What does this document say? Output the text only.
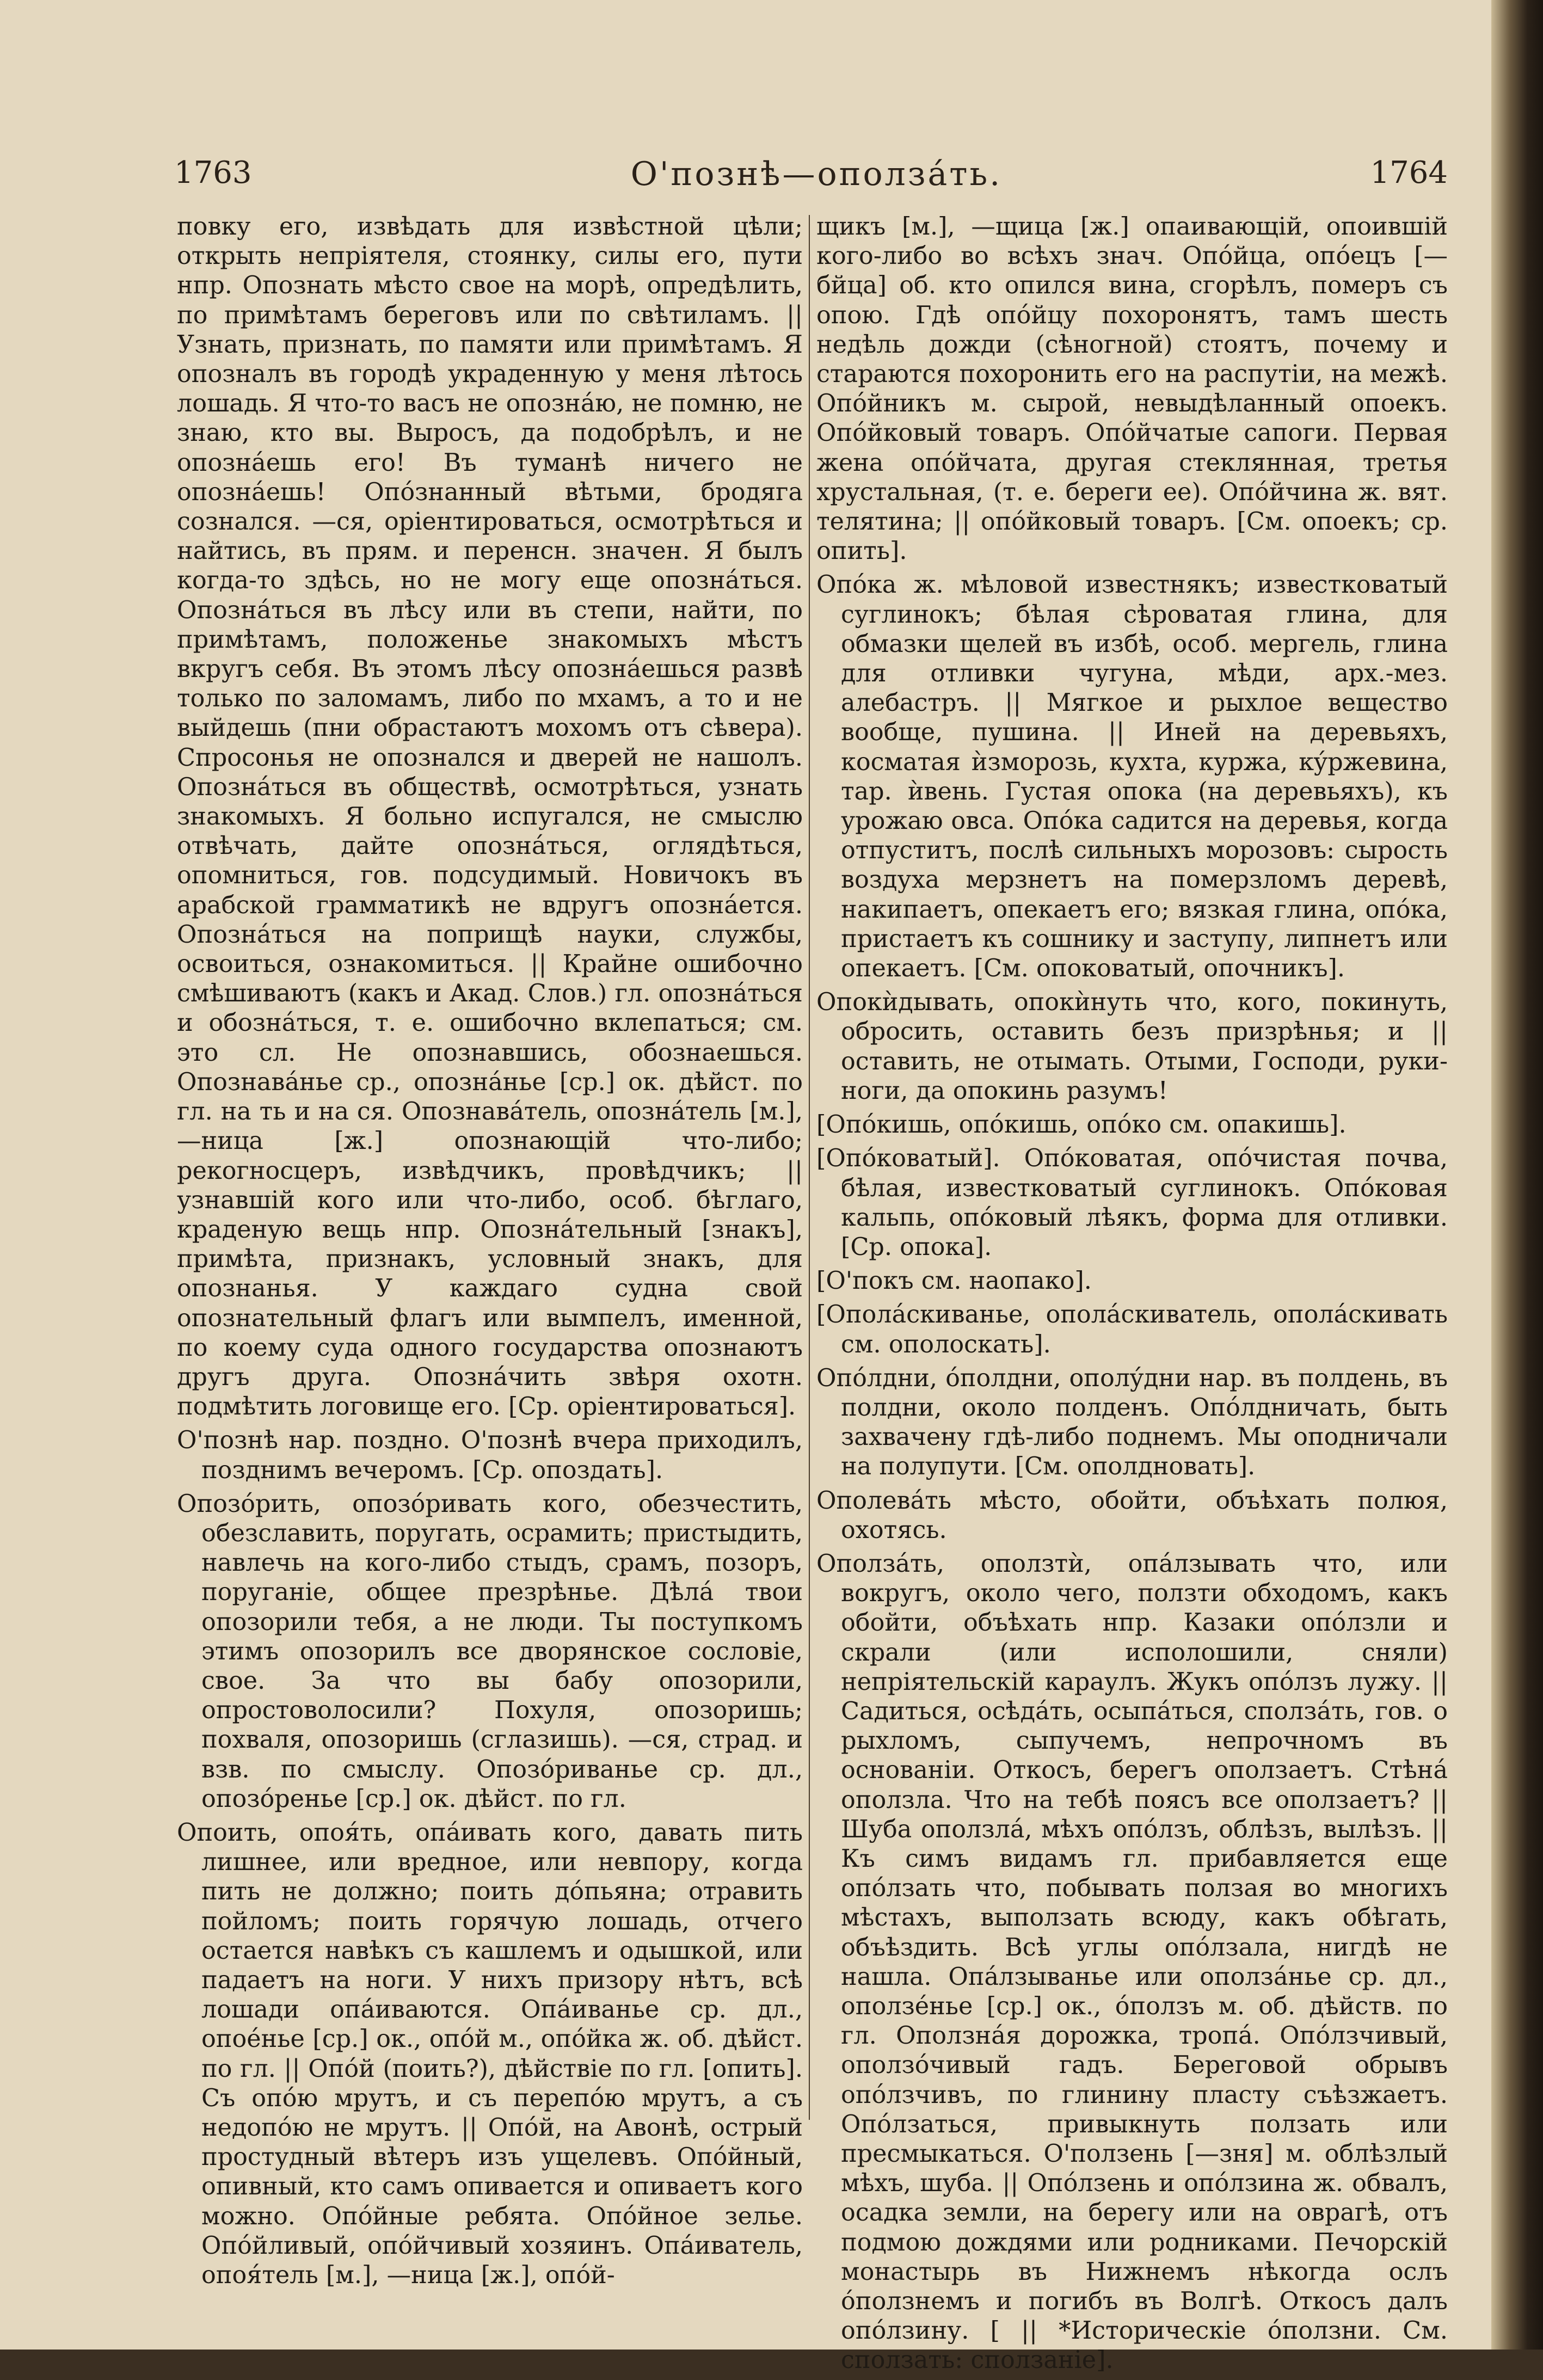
1763	О'познѣ—оползáть.	1764

повку его, извѣдать для извѣстной цѣли; открыть непріятеля, стоянку, силы его, пути нпр. Опознать мѣсто свое на морѣ, опредѣлить, по примѣтамъ береговъ или по свѣтиламъ. || Узнать, признать, по памяти или примѣтамъ. Я опозналъ въ городѣ украденную у меня лѣтось лошадь. Я что-то васъ не опознáю, не помню, не знаю, кто вы. Выросъ, да подобрѣлъ, и не опознáешь его! Въ туманѣ ничего не опознáешь! Опóзнанный вѣтьми, бродяга сознался. —ся, оріентироваться, осмотрѣться и найтись, въ прям. и перенсн. значен. Я былъ когда-то здѣсь, но не могу еще опознáться. Опознáться въ лѣсу или въ степи, найти, по примѣтамъ, положенье знакомыхъ мѣстъ вкругъ себя. Въ этомъ лѣсу опознáешься развѣ только по заломамъ, либо по мхамъ, а то и не выйдешь (пни обрастаютъ мохомъ отъ сѣвера). Спросонья не опознался и дверей не нашолъ. Опознáться въ обществѣ, осмотрѣться, узнать знакомыхъ. Я больно испугался, не смыслю отвѣчать, дайте опознáться, оглядѣться, опомниться, гов. подсудимый. Новичокъ въ арабской грамматикѣ не вдругъ опознáется. Опознáться на поприщѣ науки, службы, освоиться, ознакомиться. || Крайне ошибочно смѣшиваютъ (какъ и Акад. Слов.) гл. опознáться и обознáться, т. е. ошибочно вклепаться; см. это сл. Не опознавшись, обознаешься. Опознавáнье ср., опознáнье [ср.] ок. дѣйст. по гл. на ть и на ся. Опознавáтель, опознáтель [м.], —ница [ж.] опознающій что-либо; рекогносцеръ, извѣдчикъ, провѣдчикъ; || узнавшій кого или что-либо, особ. бѣглаго, краденую вещь нпр. Опознáтельный [знакъ], примѣта, признакъ, условный знакъ, для опознанья. У каждаго судна свой опознательный флагъ или вымпелъ, именной, по коему суда одного государства опознаютъ другъ друга. Опознáчить звѣря охотн. подмѣтить логовище его. [Ср. оріентироваться].

О'познѣ нар. поздно. О'познѣ вчера приходилъ, позднимъ вечеромъ. [Ср. опоздать].

Опозóрить, опозóривать кого, обезчестить, обезславить, поругать, осрамить; пристыдить, навлечь на кого-либо стыдъ, срамъ, позоръ, поруганіе, общее презрѣнье. Дѣлá твои опозорили тебя, а не люди. Ты поступкомъ этимъ опозорилъ все дворянское сословіе, свое. За что вы бабу опозорили, опростоволосили? Похуля, опозоришь; похваля, опозоришь (сглазишь). —ся, страд. и взв. по смыслу. Опозóриванье ср. дл., опозóренье [ср.] ок. дѣйст. по гл.

Опоить, опоя́ть, опáивать кого, давать пить лишнее, или вредное, или невпору, когда пить не должно; поить дóпьяна; отравить пойломъ; поить горячую лошадь, отчего остается навѣкъ съ кашлемъ и одышкой, или падаетъ на ноги. У нихъ призору нѣтъ, всѣ лошади опáиваются. Опáиванье ср. дл., опоéнье [ср.] ок., опóй м., опóйка ж. об. дѣйст. по гл. || Опóй (поить?), дѣйствіе по гл. [опить]. Съ опóю мрутъ, и съ перепóю мрутъ, а съ недопóю не мрутъ. || Опóй, на Авонѣ, острый простудный вѣтеръ изъ ущелевъ. Опóйный, опивный, кто самъ опивается и опиваетъ кого можно. Опóйные ребята. Опóйное зелье. Опóйливый, опóйчивый хозяинъ. Опáиватель, опоя́тель [м.], —ница [ж.], опóй-

щикъ [м.], —щица [ж.] опаивающій, опоившій кого-либо во всѣхъ знач. Опóйца, опóецъ [—бйца] об. кто опился вина, сгорѣлъ, померъ съ опою. Гдѣ опóйцу похоронятъ, тамъ шесть недѣль дожди (сѣногной) стоятъ, почему и стараются похоронить его на распутіи, на межѣ. Опóйникъ м. сырой, невыдѣланный опоекъ. Опóйковый товаръ. Опóйчатые сапоги. Первая жена опóйчата, другая стеклянная, третья хрустальная, (т. е. береги ее). Опóйчина ж. вят. телятина; || опóйковый товаръ. [См. опоекъ; ср. опить].

Опóка ж. мѣловой известнякъ; известковатый суглинокъ; бѣлая сѣроватая глина, для обмазки щелей въ избѣ, особ. мергель, глина для отливки чугуна, мѣди, арх.-мез. алебастръ. || Мягкое и рыхлое вещество вообще, пушина. || Иней на деревьяхъ, косматая ѝзморозь, кухта, куржа, кýржевина, тар. ѝвень. Густая опока (на деревьяхъ), къ урожаю овса. Опóка садится на деревья, когда отпуститъ, послѣ сильныхъ морозовъ: сырость воздуха мерзнетъ на померзломъ деревѣ, накипаетъ, опекаетъ его; вязкая глина, опóка, пристаетъ къ сошнику и заступу, липнетъ или опекаетъ. [См. опоковатый, опочникъ].

Опокѝдывать, опокѝнуть что, кого, покинуть, обросить, оставить безъ призрѣнья; и || оставить, не отымать. Отыми, Господи, руки-ноги, да опокинь разумъ!

[Опóкишь, опóкишь, опóко см. опакишь].

[Опóковатый]. Опóковатая, опóчистая почва, бѣлая, известковатый суглинокъ. Опóковая кальпь, опóковый лѣякъ, форма для отливки. [Ср. опока].

[О'покъ см. наопако].

[Ополáскиванье, ополáскиватель, ополáскивать см. ополоскать].

Опóлдни, óполдни, ополýдни нар. въ полдень, въ полдни, около полденъ. Опóлдничать, быть захвачену гдѣ-либо поднемъ. Мы оподничали на полупути. [См. ополдновать].

Ополевáть мѣсто, обойти, объѣхать полюя, охотясь.

Оползáть, оползтѝ, опáлзывать что, или вокругъ, около чего, ползти обходомъ, какъ обойти, объѣхать нпр. Казаки опóлзли и скрали (или исполошили, сняли) непріятельскій караулъ. Жукъ опóлзъ лужу. || Садиться, осѣдáть, осыпáться, сползáть, гов. о рыхломъ, сыпучемъ, непрочномъ въ основаніи. Откосъ, берегъ оползаетъ. Стѣнá оползла. Что на тебѣ поясъ все оползаетъ? || Шуба оползлá, мѣхъ опóлзъ, облѣзъ, вылѣзъ. || Къ симъ видамъ гл. прибавляется еще опóлзать что, побывать ползая во многихъ мѣстахъ, выползать всюду, какъ обѣгать, объѣздить. Всѣ углы опóлзала, нигдѣ не нашла. Опáлзыванье или оползáнье ср. дл., оползéнье [ср.] ок., óползъ м. об. дѣйств. по гл. Оползнáя дорожка, тропá. Опóлзчивый, оползóчивый гадъ. Береговой обрывъ опóлзчивъ, по глинину пласту съѣзжаетъ. Опóлзаться, привыкнуть ползать или пресмыкаться. О'ползень [—зня] м. облѣзлый мѣхъ, шуба. || Опóлзень и опóлзина ж. обвалъ, осадка земли, на берегу или на оврагѣ, отъ подмою дождями или родниками. Печорскій монастырь въ Нижнемъ нѣкогда ослъ óползнемъ и погибъ въ Волгѣ. Откосъ далъ опóлзину. [ || *Историческіе óползни. См. сползать: сползаніе].
